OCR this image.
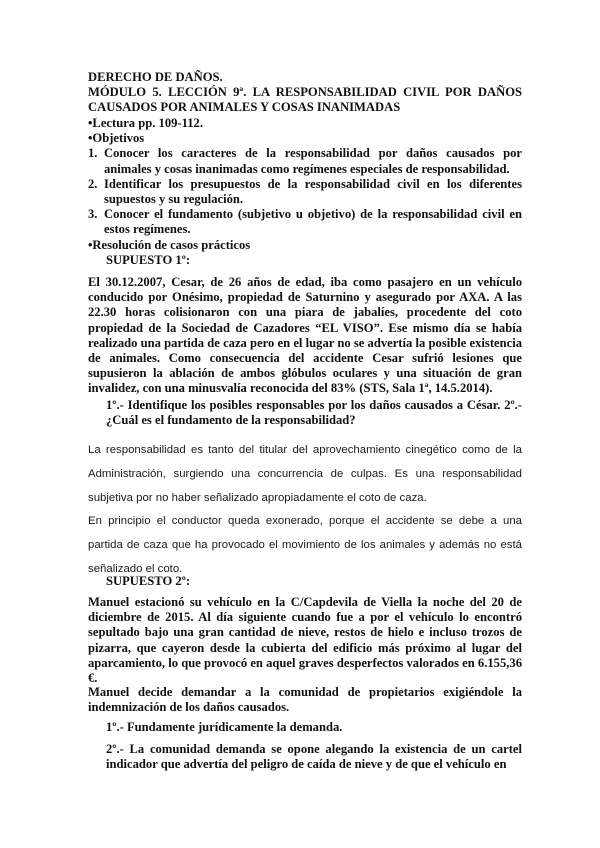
DERECHO DE DAÑOS.
MÓDULO 5. LECCIÓN 9ª. LA RESPONSABILIDAD CIVIL POR DAÑOS CAUSADOS POR ANIMALES Y COSAS INANIMADAS
• Lectura pp. 109-112.
• Objetivos
1. Conocer los caracteres de la responsabilidad por daños causados por animales y cosas inanimadas como regímenes especiales de responsabilidad.
2. Identificar los presupuestos de la responsabilidad civil en los diferentes supuestos y su regulación.
3. Conocer el fundamento (subjetivo u objetivo) de la responsabilidad civil en estos regímenes.
• Resolución de casos prácticos
SUPUESTO 1º:
El 30.12.2007, Cesar, de 26 años de edad, iba como pasajero en un vehículo conducido por Onésimo, propiedad de Saturnino y asegurado por AXA. A las 22.30 horas colisionaron con una piara de jabalíes, procedente del coto propiedad de la Sociedad de Cazadores “EL VISO”. Ese mismo día se había realizado una partida de caza pero en el lugar no se advertía la posible existencia de animales. Como consecuencia del accidente Cesar sufrió lesiones que supusieron la ablación de ambos glóbulos oculares y una situación de gran invalidez, con una minusvalía reconocida del 83% (STS, Sala 1ª, 14.5.2014).
1º.- Identifique los posibles responsables por los daños causados a César. 2º.- ¿Cuál es el fundamento de la responsabilidad?
La responsabilidad es tanto del titular del aprovechamiento cinegético como de la Administración, surgiendo una concurrencia de culpas. Es una responsabilidad subjetiva por no haber señalizado apropiadamente el coto de caza.
En principio el conductor queda exonerado, porque el accidente se debe a una partida de caza que ha provocado el movimiento de los animales y además no está señalizado el coto.
SUPUESTO 2º:
Manuel estacionó su vehículo en la C/Capdevila de Viella la noche del 20 de diciembre de 2015. Al día siguiente cuando fue a por el vehículo lo encontró sepultado bajo una gran cantidad de nieve, restos de hielo e incluso trozos de pizarra, que cayeron desde la cubierta del edificio más próximo al lugar del aparcamiento, lo que provocó en aquel graves desperfectos valorados en 6.155,36 €.
Manuel decide demandar a la comunidad de propietarios exigiéndole la indemnización de los daños causados.
1º.- Fundamente jurídicamente la demanda.
2º.- La comunidad demanda se opone alegando la existencia de un cartel indicador que advertía del peligro de caída de nieve y de que el vehículo en
